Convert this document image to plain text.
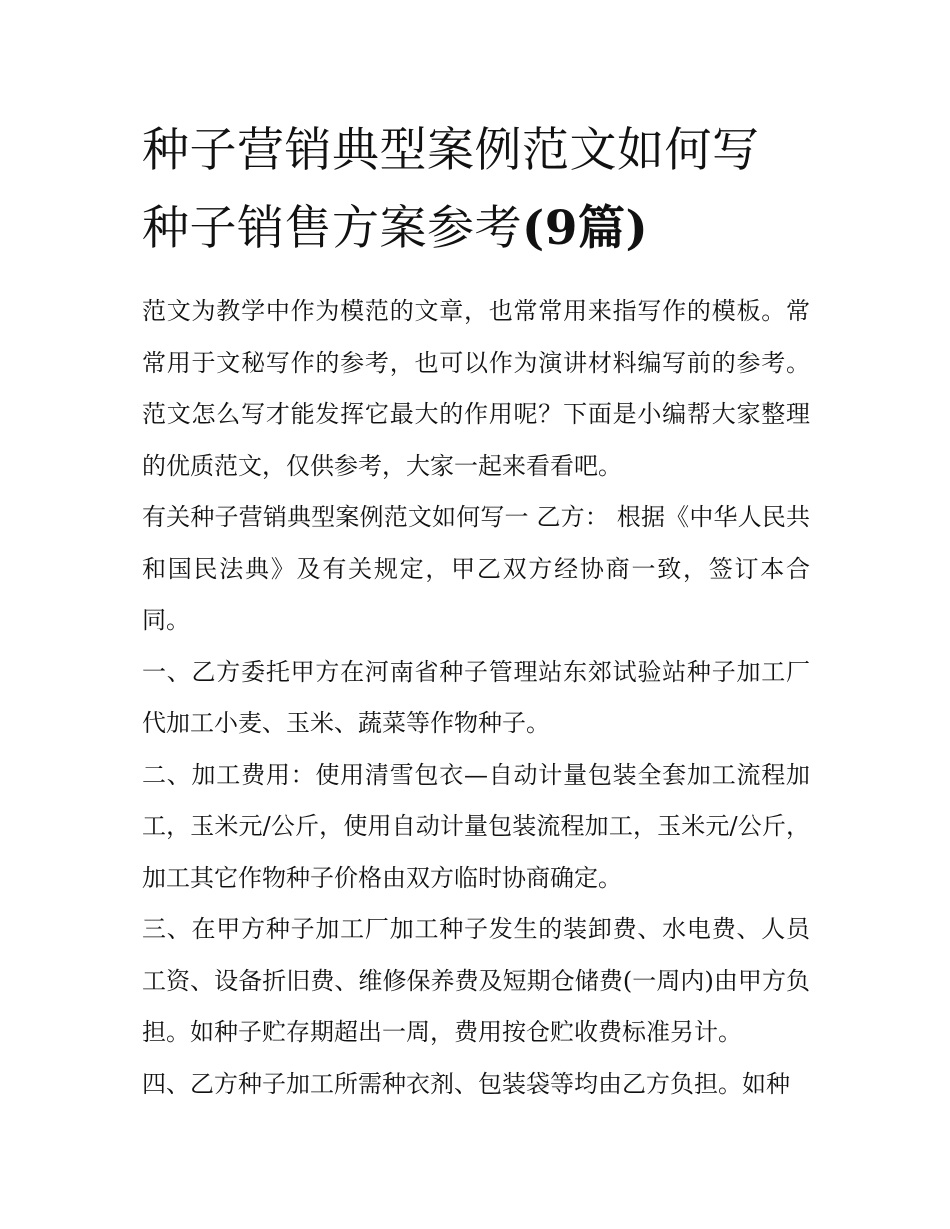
种子营销典型案例范文如何写
种子销售方案参考(9篇)

范文为教学中作为模范的文章，也常常用来指写作的模板。常常用于文秘写作的参考，也可以作为演讲材料编写前的参考。范文怎么写才能发挥它最大的作用呢？下面是小编帮大家整理的优质范文，仅供参考，大家一起来看看吧。

有关种子营销典型案例范文如何写一 乙方： 根据《中华人民共和国民法典》及有关规定，甲乙双方经协商一致，签订本合同。

一、乙方委托甲方在河南省种子管理站东郊试验站种子加工厂代加工小麦、玉米、蔬菜等作物种子。

二、加工费用：使用清雪包衣—自动计量包装全套加工流程加工，玉米元/公斤，使用自动计量包装流程加工，玉米元/公斤，加工其它作物种子价格由双方临时协商确定。

三、在甲方种子加工厂加工种子发生的装卸费、水电费、人员工资、设备折旧费、维修保养费及短期仓储费(一周内)由甲方负担。如种子贮存期超出一周，费用按仓贮收费标准另计。

四、乙方种子加工所需种衣剂、包装袋等均由乙方负担。如种
